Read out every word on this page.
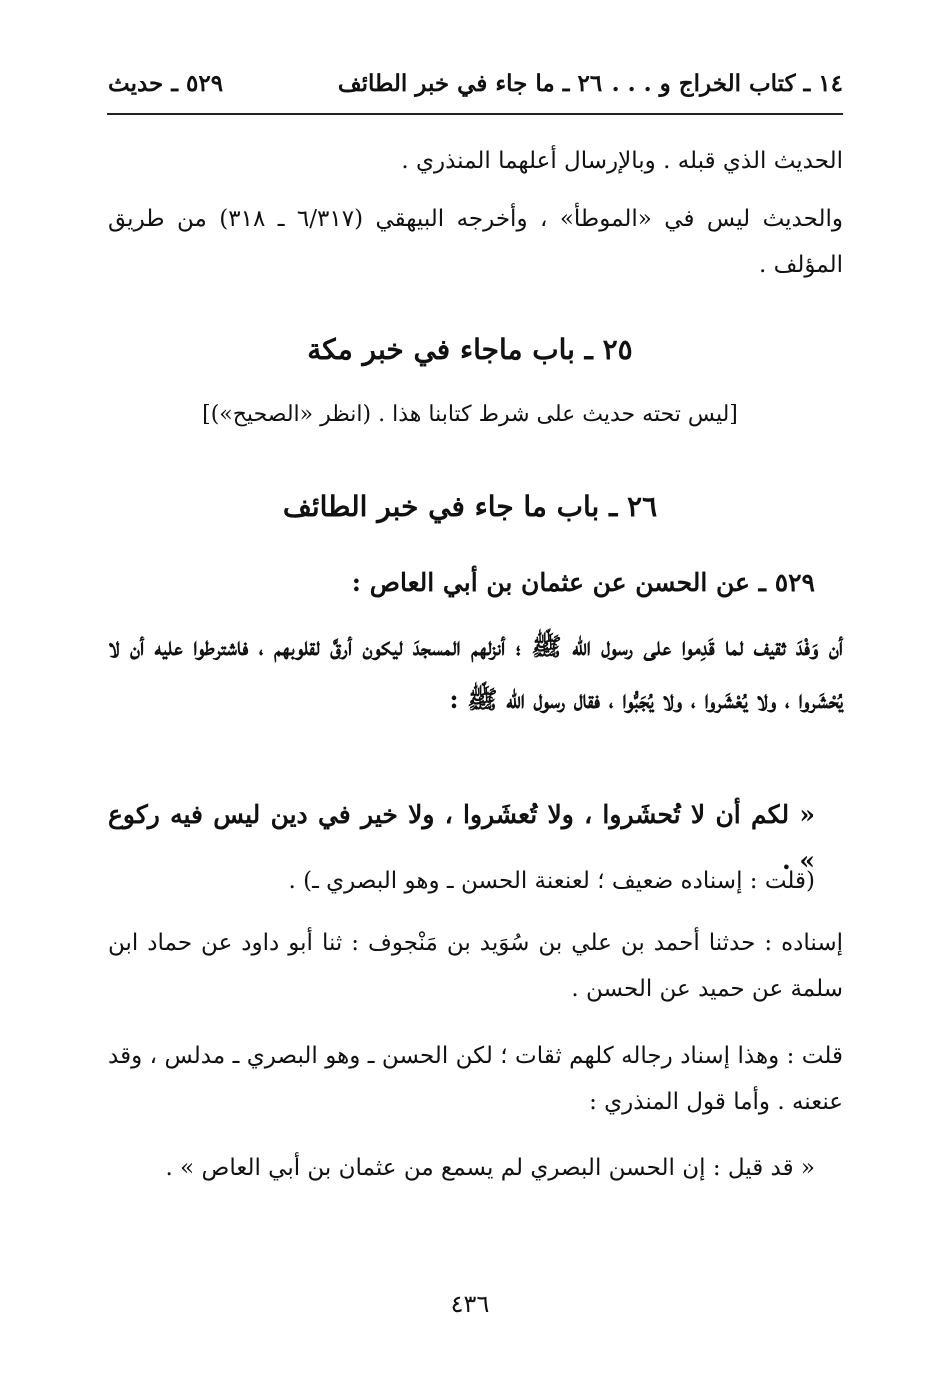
١٤ ـ كتاب الخراج و . . .
٢٦ ـ ما جاء في خبر الطائف
٥٢٩ ـ حديث
الحديث الذي قبله . وبالإرسال أعلهما المنذري .
والحديث ليس في «الموطأ» ، وأخرجه البيهقي (٦/٣١٧ ـ ٣١٨) من طريق المؤلف .
٢٥ ـ باب ماجاء في خبر مكة
[ليس تحته حديث على شرط كتابنا هذا . (انظر «الصحيح»)]
٢٦ ـ باب ما جاء في خبر الطائف
٥٢٩ ـ عن الحسن عن عثمان بن أبي العاص :
أن وَفْدَ ثقيف لما قَدِموا على رسول الله ﷺ ؛ أنزلهم المسجدَ ليكون أرقَّ لقلوبهم ، فاشترطوا عليه أن لا يُحْشَروا ، ولا يُعْشَروا ، ولا يُجَبُّوا ، فقال رسول الله ﷺ :
« لكم أن لا تُحشَروا ، ولا تُعشَروا ، ولا خير في دين ليس فيه ركوع » .
(قلت : إسناده ضعيف ؛ لعنعنة الحسن ـ وهو البصري ـ) .
إسناده : حدثنا أحمد بن علي بن سُوَيد بن مَنْجوف : ثنا أبو داود عن حماد ابن سلمة عن حميد عن الحسن .
قلت : وهذا إسناد رجاله كلهم ثقات ؛ لكن الحسن ـ وهو البصري ـ مدلس ، وقد عنعنه . وأما قول المنذري :
« قد قيل : إن الحسن البصري لم يسمع من عثمان بن أبي العاص » .
٤٣٦
